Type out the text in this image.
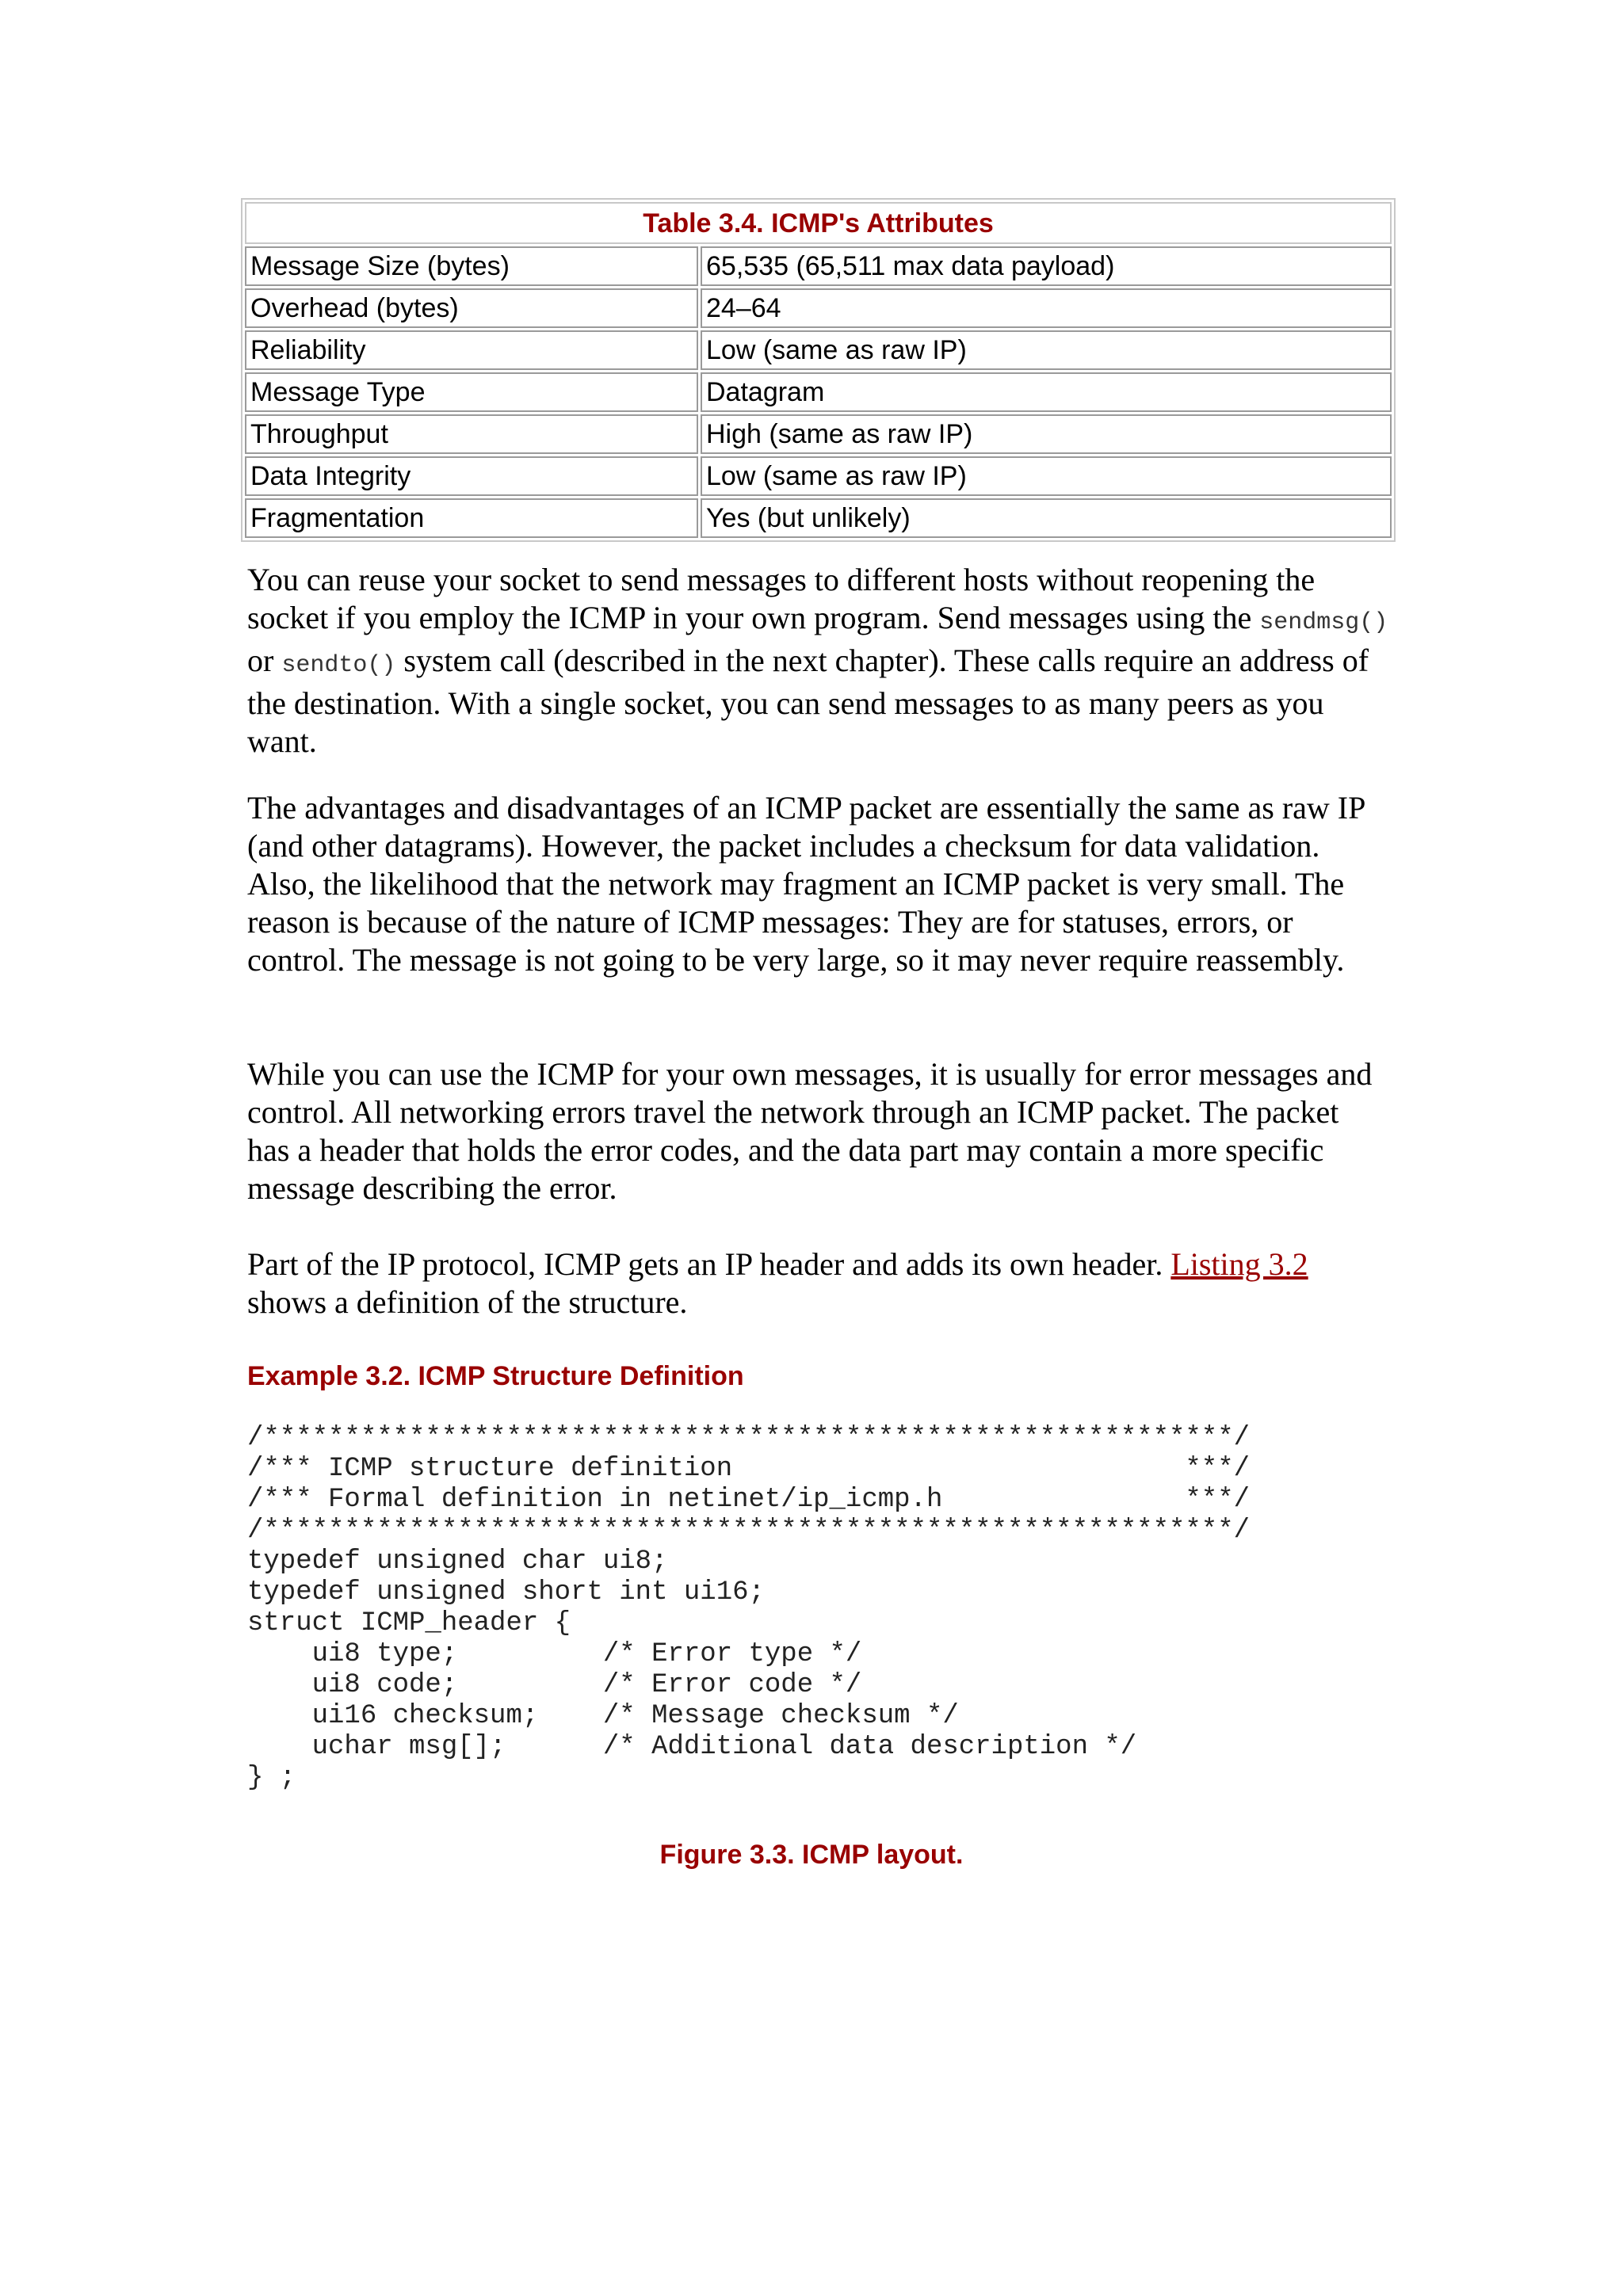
Table 3.4. ICMP's Attributes	
Message Size (bytes)	65,535 (65,511 max data payload)
Overhead (bytes)	24–64
Reliability	Low (same as raw IP)
Message Type	Datagram
Throughput	High (same as raw IP)
Data Integrity	Low (same as raw IP)
Fragmentation	Yes (but unlikely)

You can reuse your socket to send messages to different hosts without reopening the socket if you employ the ICMP in your own program. Send messages using the sendmsg() or sendto() system call (described in the next chapter). These calls require an address of the destination. With a single socket, you can send messages to as many peers as you want.

The advantages and disadvantages of an ICMP packet are essentially the same as raw IP (and other datagrams). However, the packet includes a checksum for data validation. Also, the likelihood that the network may fragment an ICMP packet is very small. The reason is because of the nature of ICMP messages: They are for statuses, errors, or control. The message is not going to be very large, so it may never require reassembly.

While you can use the ICMP for your own messages, it is usually for error messages and control. All networking errors travel the network through an ICMP packet. The packet has a header that holds the error codes, and the data part may contain a more specific message describing the error.

Part of the IP protocol, ICMP gets an IP header and adds its own header. Listing 3.2 shows a definition of the structure.

Example 3.2. ICMP Structure Definition

/************************************************************/
/*** ICMP structure definition                            ***/
/*** Formal definition in netinet/ip_icmp.h               ***/
/************************************************************/
typedef unsigned char ui8;
typedef unsigned short int ui16;
struct ICMP_header {
ui8 type;         /* Error type */
ui8 code;         /* Error code */
ui16 checksum;    /* Message checksum */
uchar msg[];      /* Additional data description */
} ;

Figure 3.3. ICMP layout.
